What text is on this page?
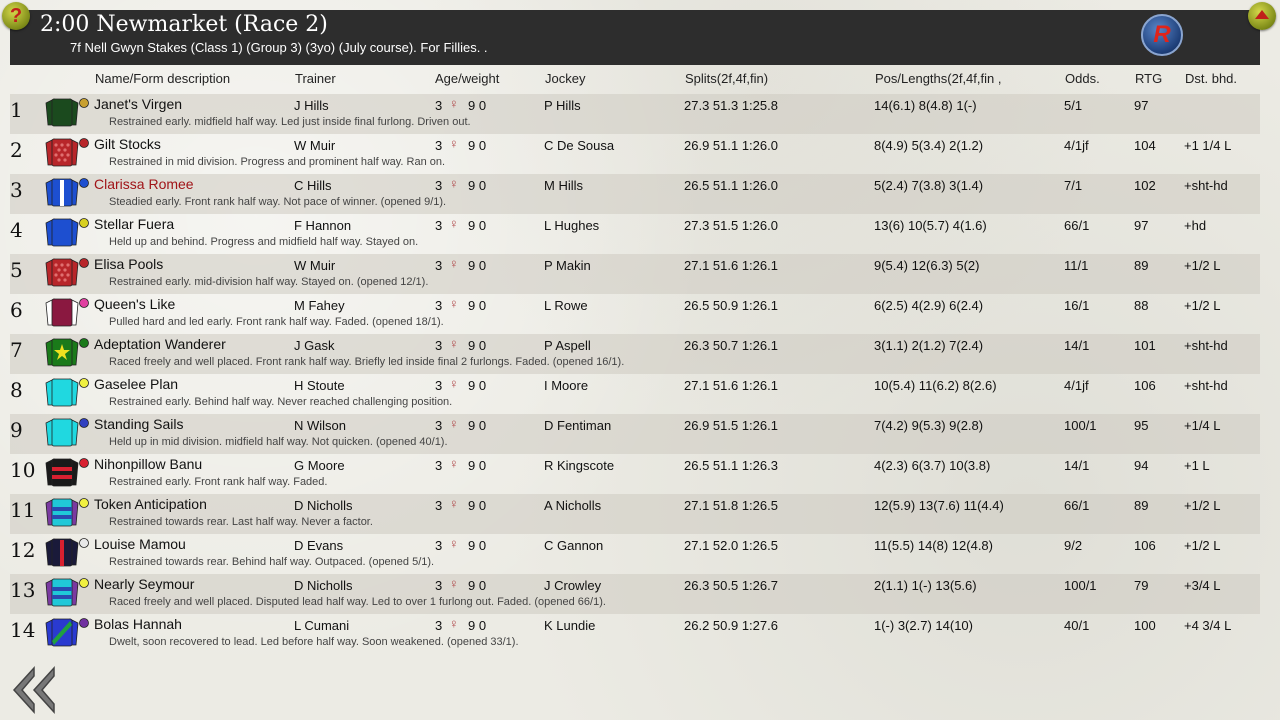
2:00 Newmarket (Race 2)
7f Nell Gwyn Stakes (Class 1) (Group 3) (3yo) (July course). For Fillies. .
?
R
Name/Form description	Trainer	Age/weight	Jockey	Splits(2f,4f,fin)	Pos/Lengths(2f,4f,fin ,	Odds.	RTG Dst. bhd.
1	Janet's Virgen	J Hills	3 ♀ 9 0	P Hills	27.3 51.3 1:25.8	14(6.1) 8(4.8) 1(-)	5/1	97
Restrained early. midfield half way. Led just inside final furlong. Driven out.
2	Gilt Stocks	W Muir	3 ♀ 9 0	C De Sousa	26.9 51.1 1:26.0	8(4.9) 5(3.4) 2(1.2)	4/1jf	104 +1 1/4 L
Restrained in mid division. Progress and prominent half way. Ran on.
3	Clarissa Romee	C Hills	3 ♀ 9 0	M Hills	26.5 51.1 1:26.0	5(2.4) 7(3.8) 3(1.4)	7/1	102 +sht-hd
Steadied early. Front rank half way. Not pace of winner. (opened 9/1).
4	Stellar Fuera	F Hannon	3 ♀ 9 0	L Hughes	27.3 51.5 1:26.0	13(6) 10(5.7) 4(1.6)	66/1	97	+hd
Held up and behind. Progress and midfield half way. Stayed on.
5	Elisa Pools	W Muir	3 ♀ 9 0	P Makin	27.1 51.6 1:26.1	9(5.4) 12(6.3) 5(2)	11/1	89	+1/2 L
Restrained early. mid-division half way. Stayed on. (opened 12/1).
6	Queen's Like	M Fahey	3 ♀ 9 0	L Rowe	26.5 50.9 1:26.1	6(2.5) 4(2.9) 6(2.4)	16/1	88	+1/2 L
Pulled hard and led early. Front rank half way. Faded. (opened 18/1).
7	Adeptation Wanderer	J Gask	3 ♀ 9 0	P Aspell	26.3 50.7 1:26.1	3(1.1) 2(1.2) 7(2.4)	14/1	101 +sht-hd
Raced freely and well placed. Front rank half way. Briefly led inside final 2 furlongs. Faded. (opened 16/1).
8	Gaselee Plan	H Stoute	3 ♀ 9 0	I Moore	27.1 51.6 1:26.1	10(5.4) 11(6.2) 8(2.6)	4/1jf	106 +sht-hd
Restrained early. Behind half way. Never reached challenging position.
9	Standing Sails	N Wilson	3 ♀ 9 0	D Fentiman	26.9 51.5 1:26.1	7(4.2) 9(5.3) 9(2.8)	100/1	95	+1/4 L
Held up in mid division. midfield half way. Not quicken. (opened 40/1).
10	Nihonpillow Banu	G Moore	3 ♀ 9 0	R Kingscote	26.5 51.1 1:26.3	4(2.3) 6(3.7) 10(3.8)	14/1	94	+1 L
Restrained early. Front rank half way. Faded.
11	Token Anticipation	D Nicholls	3 ♀ 9 0	A Nicholls	27.1 51.8 1:26.5	12(5.9) 13(7.6) 11(4.4)	66/1	89	+1/2 L
Restrained towards rear. Last half way. Never a factor.
12	Louise Mamou	D Evans	3 ♀ 9 0	C Gannon	27.1 52.0 1:26.5	11(5.5) 14(8) 12(4.8)	9/2	106 +1/2 L
Restrained towards rear. Behind half way. Outpaced. (opened 5/1).
13	Nearly Seymour	D Nicholls	3 ♀ 9 0	J Crowley	26.3 50.5 1:26.7	2(1.1) 1(-) 13(5.6)	100/1	79	+3/4 L
Raced freely and well placed. Disputed lead half way. Led to over 1 furlong out. Faded. (opened 66/1).
14	Bolas Hannah	L Cumani	3 ♀ 9 0	K Lundie	26.2 50.9 1:27.6	1(-) 3(2.7) 14(10)	40/1	100 +4 3/4 L
Dwelt, soon recovered to lead. Led before half way. Soon weakened. (opened 33/1).
